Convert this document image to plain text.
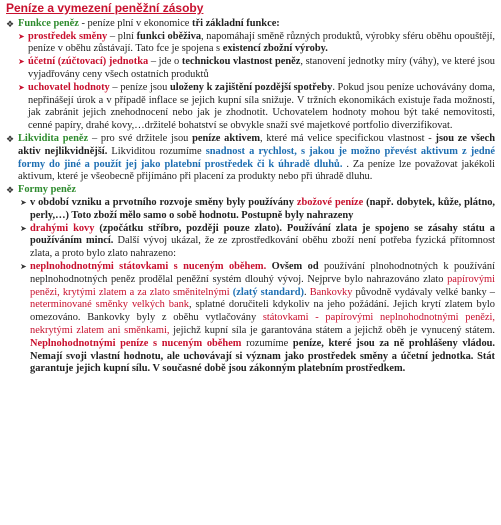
Peníze a vymezení peněžní zásoby
❖ Funkce peněz - peníze plní v ekonomice tři základní funkce:

➤ prostředek směny – plní funkci oběživa, napomáhají směně různých produktů, výrobky sféru oběhu opouštějí, peníze v oběhu zůstávají. Tato fce je spojena s existencí zbožní výroby.

➤ účetní (zúčtovací) jednotka – jde o technickou vlastnost peněz, stanovení jednotky míry (váhy), ve které jsou vyjadřovány ceny všech ostatních produktů

➤ uchovatel hodnoty – peníze jsou uloženy k zajištění pozdější spotřeby. Pokud jsou peníze uchovávány doma, nepřinášejí úrok a v případě inflace se jejich kupní síla snižuje. V tržních ekonomikách existuje řada možností, jak zabránit jejich znehodnocení nebo jak je zhodnotit. Uchovatelem hodnoty mohou být také nemovitosti, cenné papíry, drahé kovy,…držitelé bohatství se obvykle snaží své majetkové portfolio diverzifikovat.

❖ Likvidita peněz – pro své držitele jsou peníze aktivem, které má velice specifickou vlastnost - jsou ze všech aktiv nejlikvidnější. Likviditou rozumíme snadnost a rychlost, s jakou je možno převést aktivum z jedné formy do jiné a použít jej jako platební prostředek či k úhradě dluhů. . Za peníze lze považovat jakékoli aktivum, které je všeobecně přijímáno při placení za produkty nebo při úhradě dluhu.

❖ Formy peněz

➤ v období vzniku a prvotního rozvoje směny byly používány zbožové peníze (např. dobytek, kůže, plátno, perly,…) Toto zboží mělo samo o sobě hodnotu. Postupně byly nahrazeny

➤ drahými kovy (zpočátku stříbro, později pouze zlato). Používání zlata je spojeno se zásahy státu a používáním mincí. Další vývoj ukázal, že ze zprostředkování oběhu zboží není potřeba fyzická přítomnost zlata, a proto bylo zlato nahrazeno:

➤ neplnohodnotnými státovkami s nuceným oběhem. Ovšem od používání plnohodnotných k používání neplnohodnotných peněz prodělal peněžní systém dlouhý vývoj. Nejprve bylo nahrazováno zlato papírovými penězi, krytými zlatem a za zlato směnitelnými (zlatý standard). Bankovky původně vydávaly velké banky – neterminované směnky velkých bank, splatné doručiteli kdykoliv na jeho požádání. Jejich krytí zlatem bylo omezováno. Bankovky byly z oběhu vytlačovány státovkami - papírovými neplnohodnotnými penězi, nekrytými zlatem ani směnkami, jejichž kupní síla je garantována státem a jejichž oběh je vynucený státem. Neplnohodnotnými peníze s nuceným oběhem rozumíme peníze, které jsou za ně prohlášeny vládou. Nemají svoji vlastní hodnotu, ale uchovávají si význam jako prostředek směny a účetní jednotka. Stát garantuje jejich kupní sílu. V současné době jsou zákonným platebním prostředkem.
